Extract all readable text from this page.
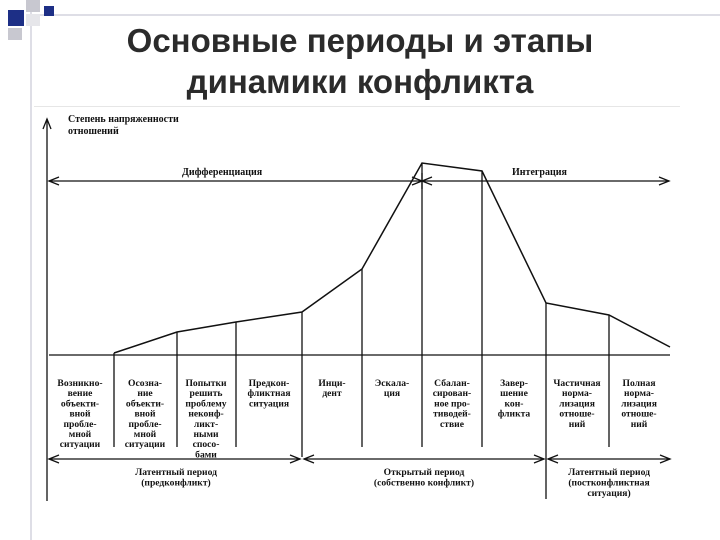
Основные периоды и этапы
динамики конфликта
Степень напряженности
отношений
Дифференциация	Интеграция
Возникно-
вение
объекти-
вной
пробле-
мной
ситуации
Осозна-
ние
объекти-
вной
пробле-
мной
ситуации
Попытки
решить
проблему
неконф-
ликт-
ными
спосо-
бами
Предкон-
фликтная
ситуация
Инци-
дент
Эскала-
ция
Сбалан-
сирован-
ное про-
тиводей-
ствие
Завер-
шение
кон-
фликта
Частичная
норма-
лизация
отноше-
ний
Полная
норма-
лизация
отноше-
ний
Латентный период
(предконфликт)
Открытый период
(собственно конфликт)
Латентный период
(постконфликтная
ситуация)
